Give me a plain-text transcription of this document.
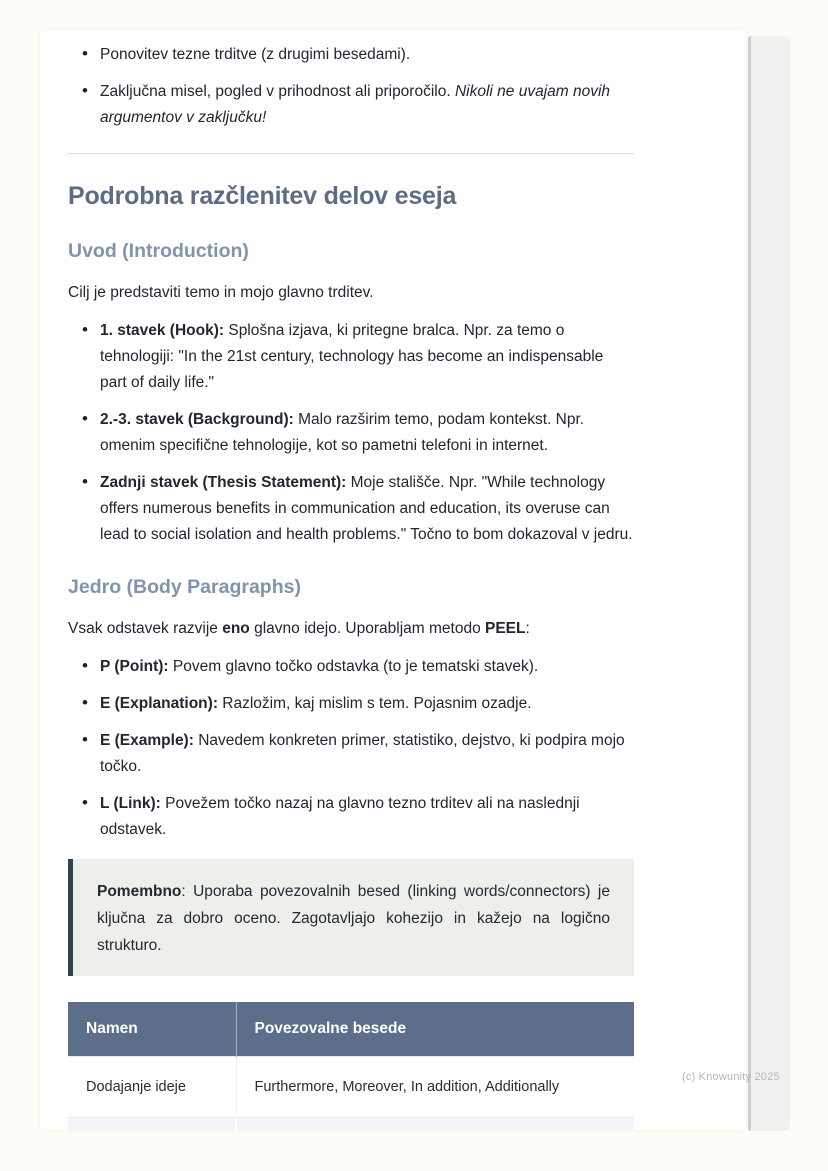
• Ponovitev tezne trditve (z drugimi besedami).
• Zaključna misel, pogled v prihodnost ali priporočilo. Nikoli ne uvajam novih argumentov v zaključku!
Podrobna razčlenitev delov eseja
Uvod (Introduction)

Cilj je predstaviti temo in mojo glavno trditev.

• 1. stavek (Hook): Splošna izjava, ki pritegne bralca. Npr. za temo o tehnologiji: "In the 21st century, technology has become an indispensable part of daily life."
• 2.-3. stavek (Background): Malo razširim temo, podam kontekst. Npr. omenim specifične tehnologije, kot so pametni telefoni in internet.
• Zadnji stavek (Thesis Statement): Moje stališče. Npr. "While technology offers numerous benefits in communication and education, its overuse can lead to social isolation and health problems." Točno to bom dokazoval v jedru.
Jedro (Body Paragraphs)

Vsak odstavek razvije eno glavno idejo. Uporabljam metodo PEEL:

• P (Point): Povem glavno točko odstavka (to je tematski stavek).
• E (Explanation): Razložim, kaj mislim s tem. Pojasnim ozadje.
• E (Example): Navedem konkreten primer, statistiko, dejstvo, ki podpira mojo točko.
• L (Link): Povežem točko nazaj na glavno tezno trditev ali na naslednji odstavek.
Pomembno: Uporaba povezovalnih besed (linking words/connectors) je ključna za dobro oceno. Zagotavljajo kohezijo in kažejo na logično strukturo.
Namen	Povezovalne besede
Dodajanje ideje	Furthermore, Moreover, In addition, Additionally

(c) Knowunity 2025
